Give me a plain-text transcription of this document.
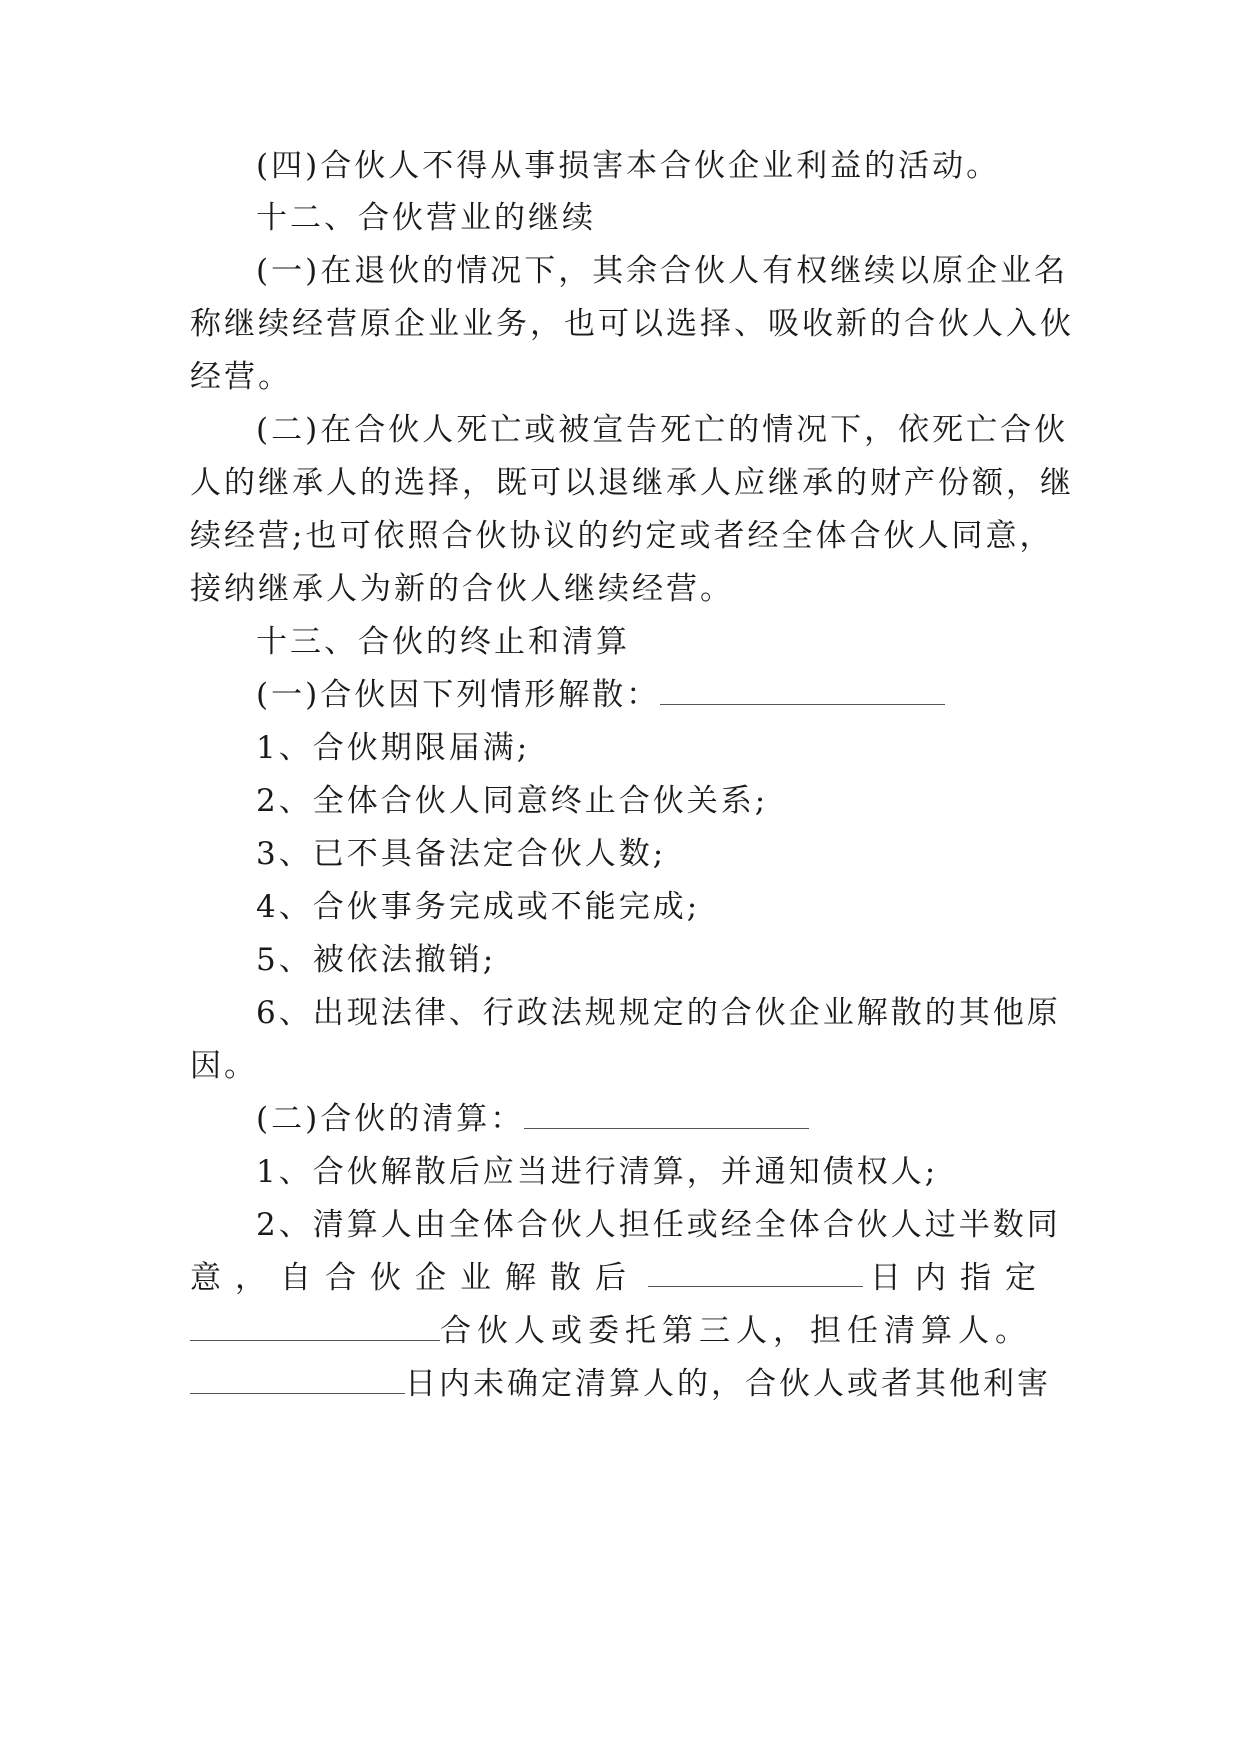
(四)合伙人不得从事损害本合伙企业利益的活动。
十二、合伙营业的继续
(一)在退伙的情况下，其余合伙人有权继续以原企业名
称继续经营原企业业务，也可以选择、吸收新的合伙人入伙
经营。
(二)在合伙人死亡或被宣告死亡的情况下，依死亡合伙
人的继承人的选择，既可以退继承人应继承的财产份额，继
续经营;也可依照合伙协议的约定或者经全体合伙人同意，
接纳继承人为新的合伙人继续经营。
十三、合伙的终止和清算
(一)合伙因下列情形解散：
1、合伙期限届满;
2、全体合伙人同意终止合伙关系;
3、已不具备法定合伙人数;
4、合伙事务完成或不能完成;
5、被依法撤销;
6、出现法律、行政法规规定的合伙企业解散的其他原
因。
(二)合伙的清算：
1、合伙解散后应当进行清算，并通知债权人;
2、清算人由全体合伙人担任或经全体合伙人过半数同
意，自合伙企业解散后	日内指定
合伙人或委托第三人，担任清算人。
日内未确定清算人的，合伙人或者其他利害
